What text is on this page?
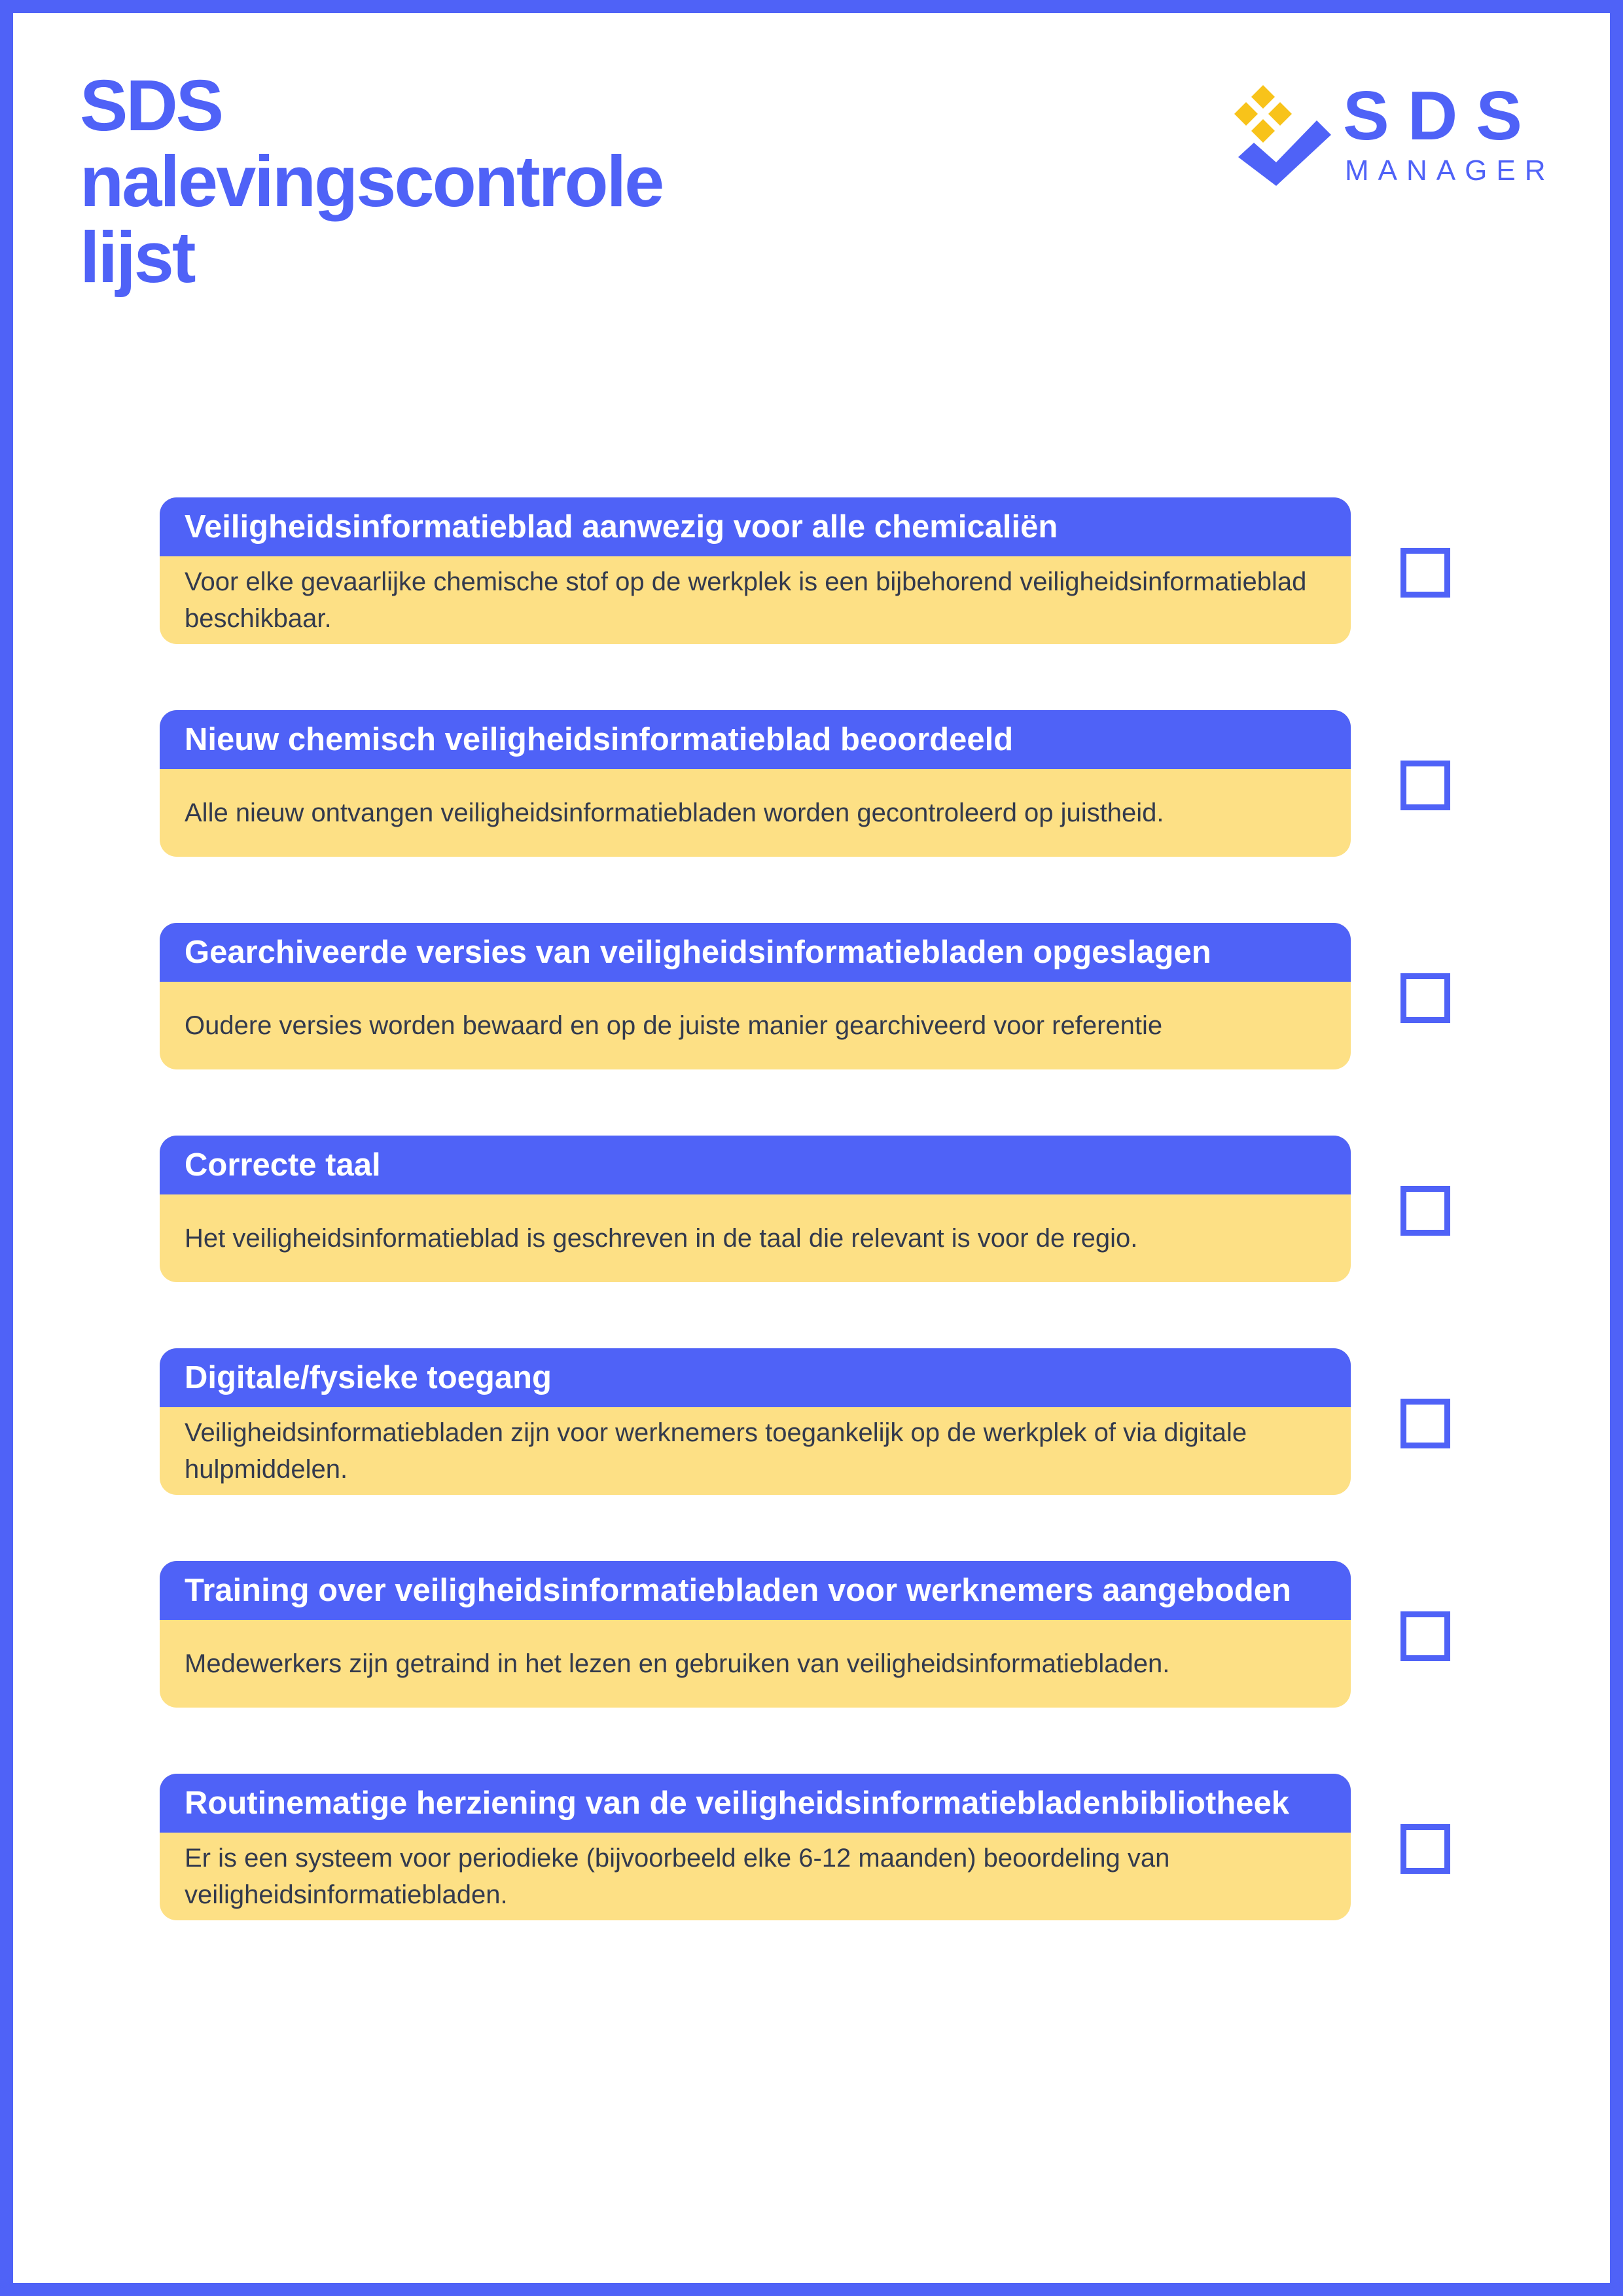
SDS
nalevingscontrole
lijst
SDS
MANAGER
Veiligheidsinformatieblad aanwezig voor alle chemicaliën
Voor elke gevaarlijke chemische stof op de werkplek is een bijbehorend veiligheidsinformatieblad beschikbaar.
Nieuw chemisch veiligheidsinformatieblad beoordeeld
Alle nieuw ontvangen veiligheidsinformatiebladen worden gecontroleerd op juistheid.
Gearchiveerde versies van veiligheidsinformatiebladen opgeslagen
Oudere versies worden bewaard en op de juiste manier gearchiveerd voor referentie
Correcte taal
Het veiligheidsinformatieblad is geschreven in de taal die relevant is voor de regio.
Digitale/fysieke toegang
Veiligheidsinformatiebladen zijn voor werknemers toegankelijk op de werkplek of via digitale hulpmiddelen.
Training over veiligheidsinformatiebladen voor werknemers aangeboden
Medewerkers zijn getraind in het lezen en gebruiken van veiligheidsinformatiebladen.
Routinematige herziening van de veiligheidsinformatiebladenbibliotheek
Er is een systeem voor periodieke (bijvoorbeeld elke 6-12 maanden) beoordeling van veiligheidsinformatiebladen.
